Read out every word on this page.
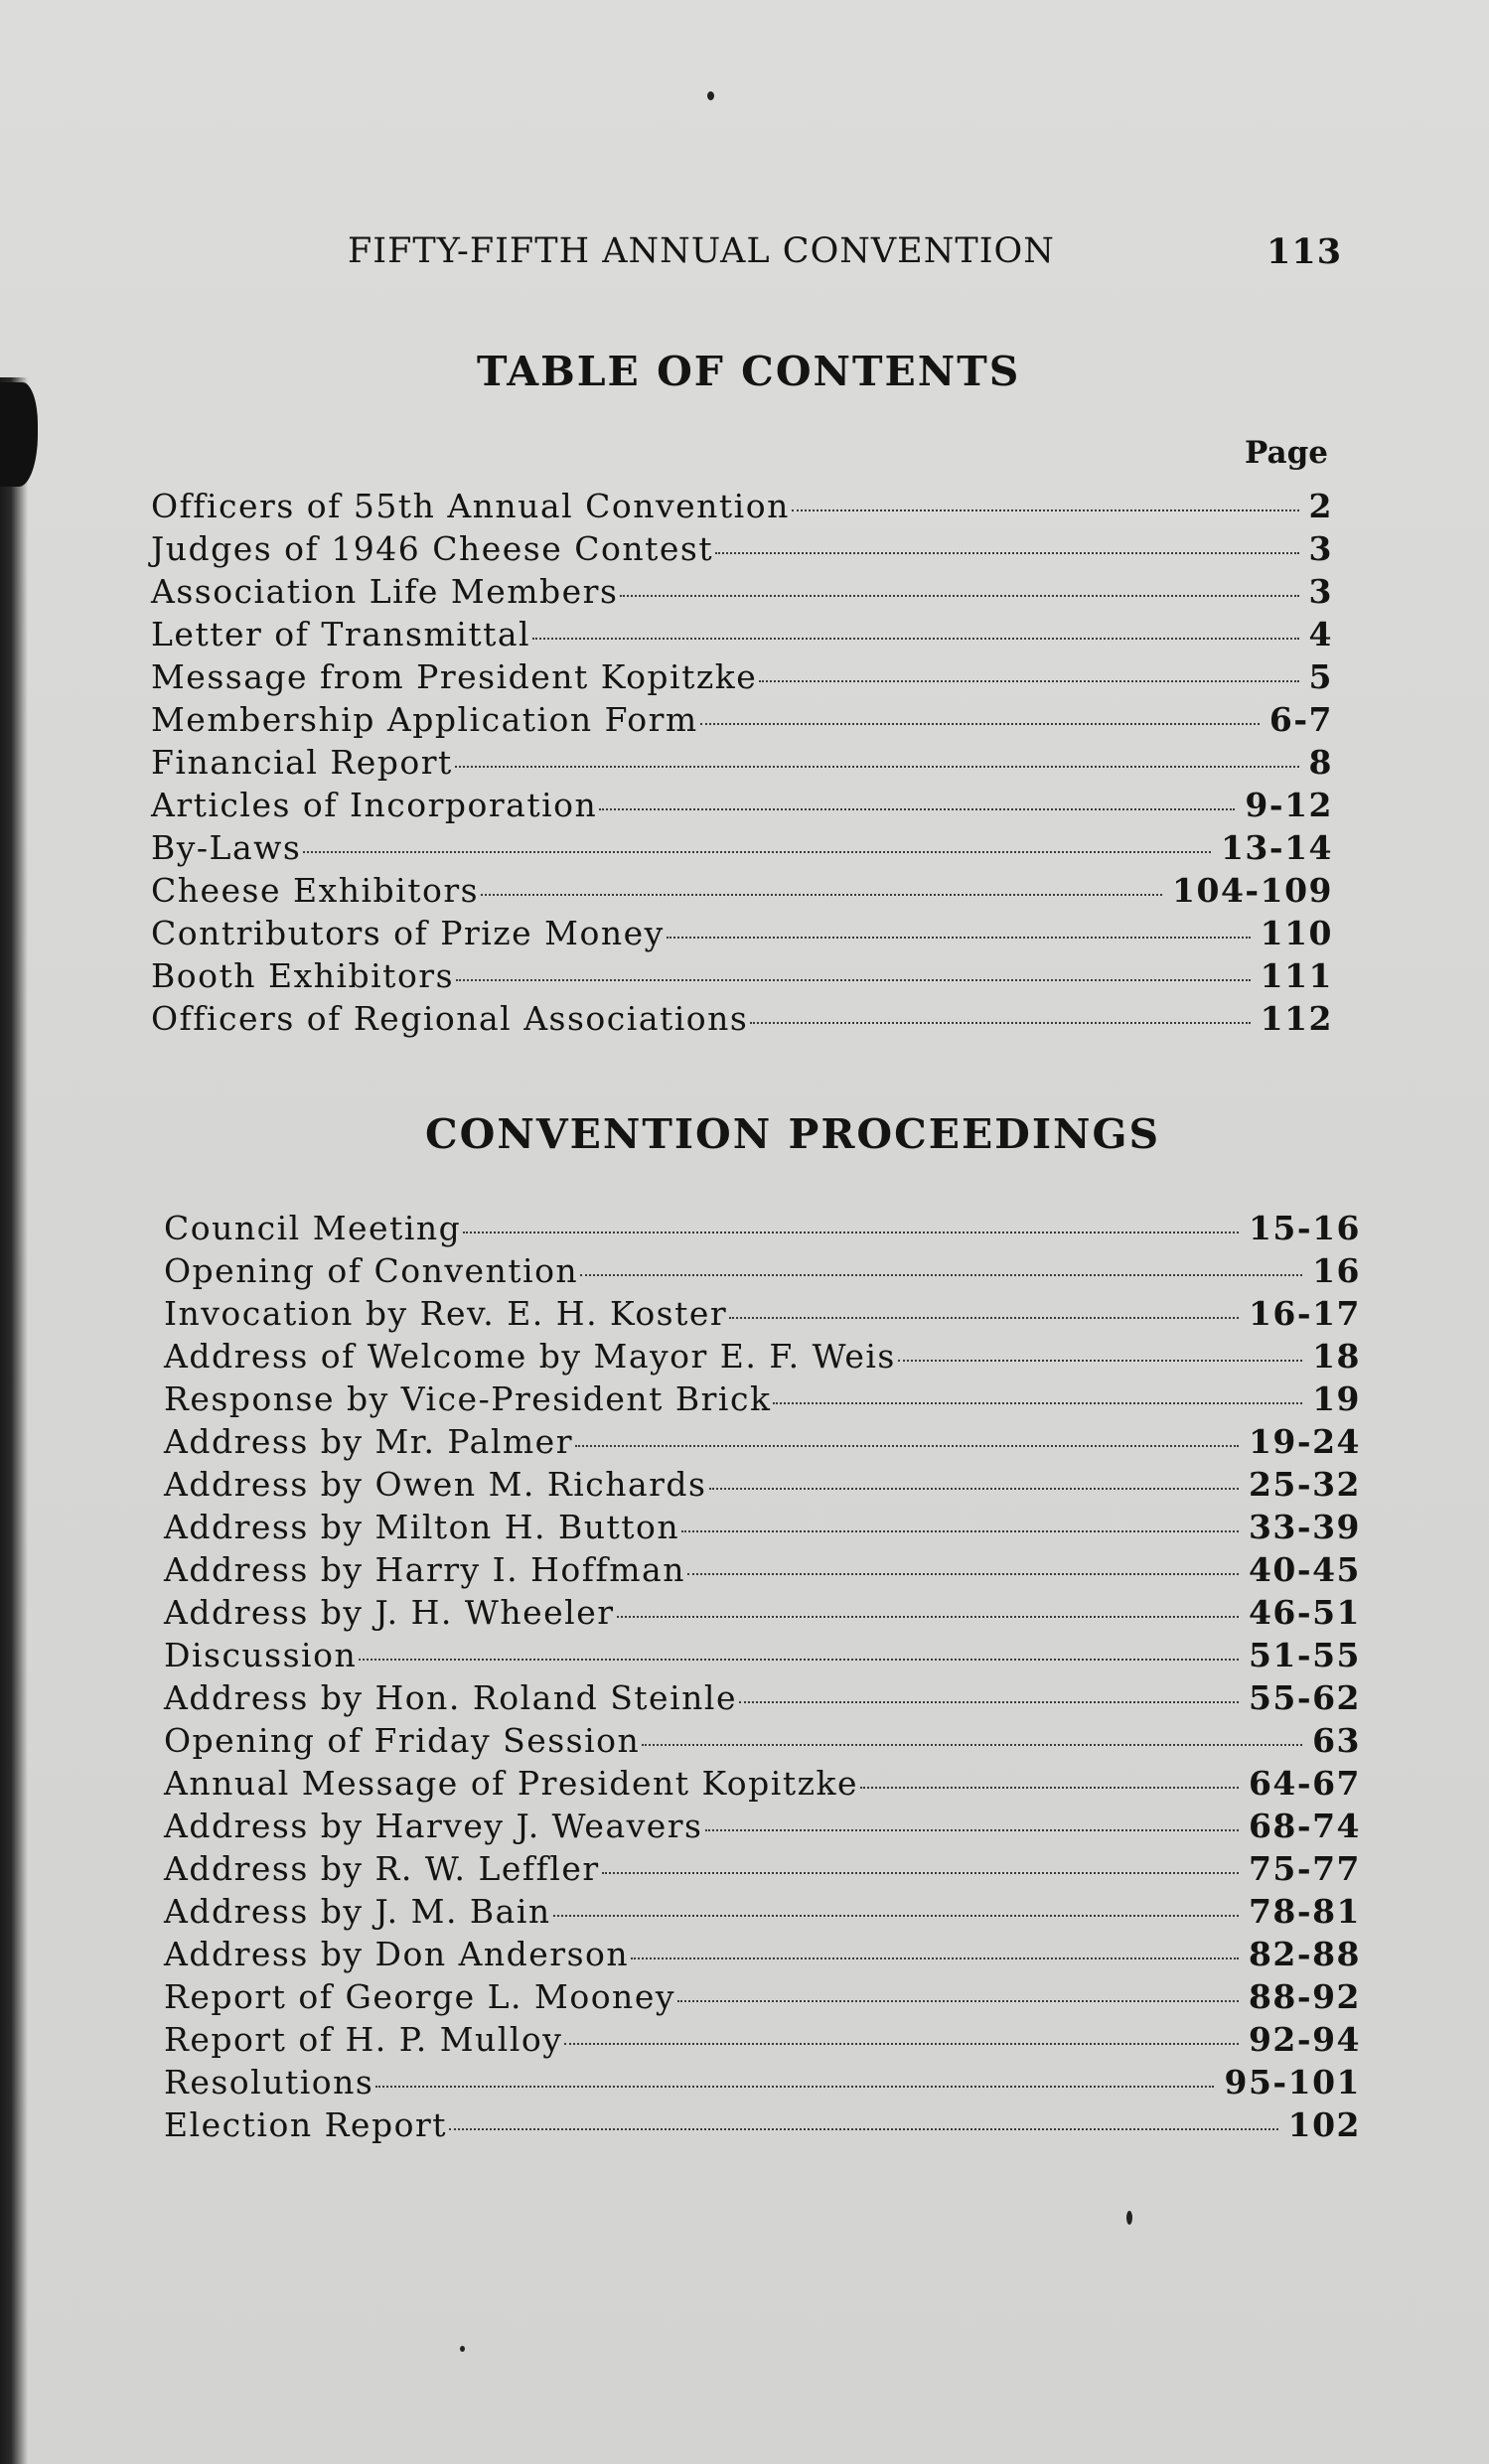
FIFTY-FIFTH ANNUAL CONVENTION	113
TABLE OF CONTENTS
Page
Officers of 55th Annual Convention	2
Judges of 1946 Cheese Contest	3
Association Life Members	3
Letter of Transmittal	4
Message from President Kopitzke	5
Membership Application Form	6-7
Financial Report	8
Articles of Incorporation	9-12
By-Laws	13-14
Cheese Exhibitors	104-109
Contributors of Prize Money	110
Booth Exhibitors	111
Officers of Regional Associations	112
CONVENTION PROCEEDINGS
Council Meeting	15-16
Opening of Convention	16
Invocation by Rev. E. H. Koster	16-17
Address of Welcome by Mayor E. F. Weis	18
Response by Vice-President Brick	19
Address by Mr. Palmer	19-24
Address by Owen M. Richards	25-32
Address by Milton H. Button	33-39
Address by Harry I. Hoffman	40-45
Address by J. H. Wheeler	46-51
Discussion	51-55
Address by Hon. Roland Steinle	55-62
Opening of Friday Session	63
Annual Message of President Kopitzke	64-67
Address by Harvey J. Weavers	68-74
Address by R. W. Leffler	75-77
Address by J. M. Bain	78-81
Address by Don Anderson	82-88
Report of George L. Mooney	88-92
Report of H. P. Mulloy	92-94
Resolutions	95-101
Election Report	102
